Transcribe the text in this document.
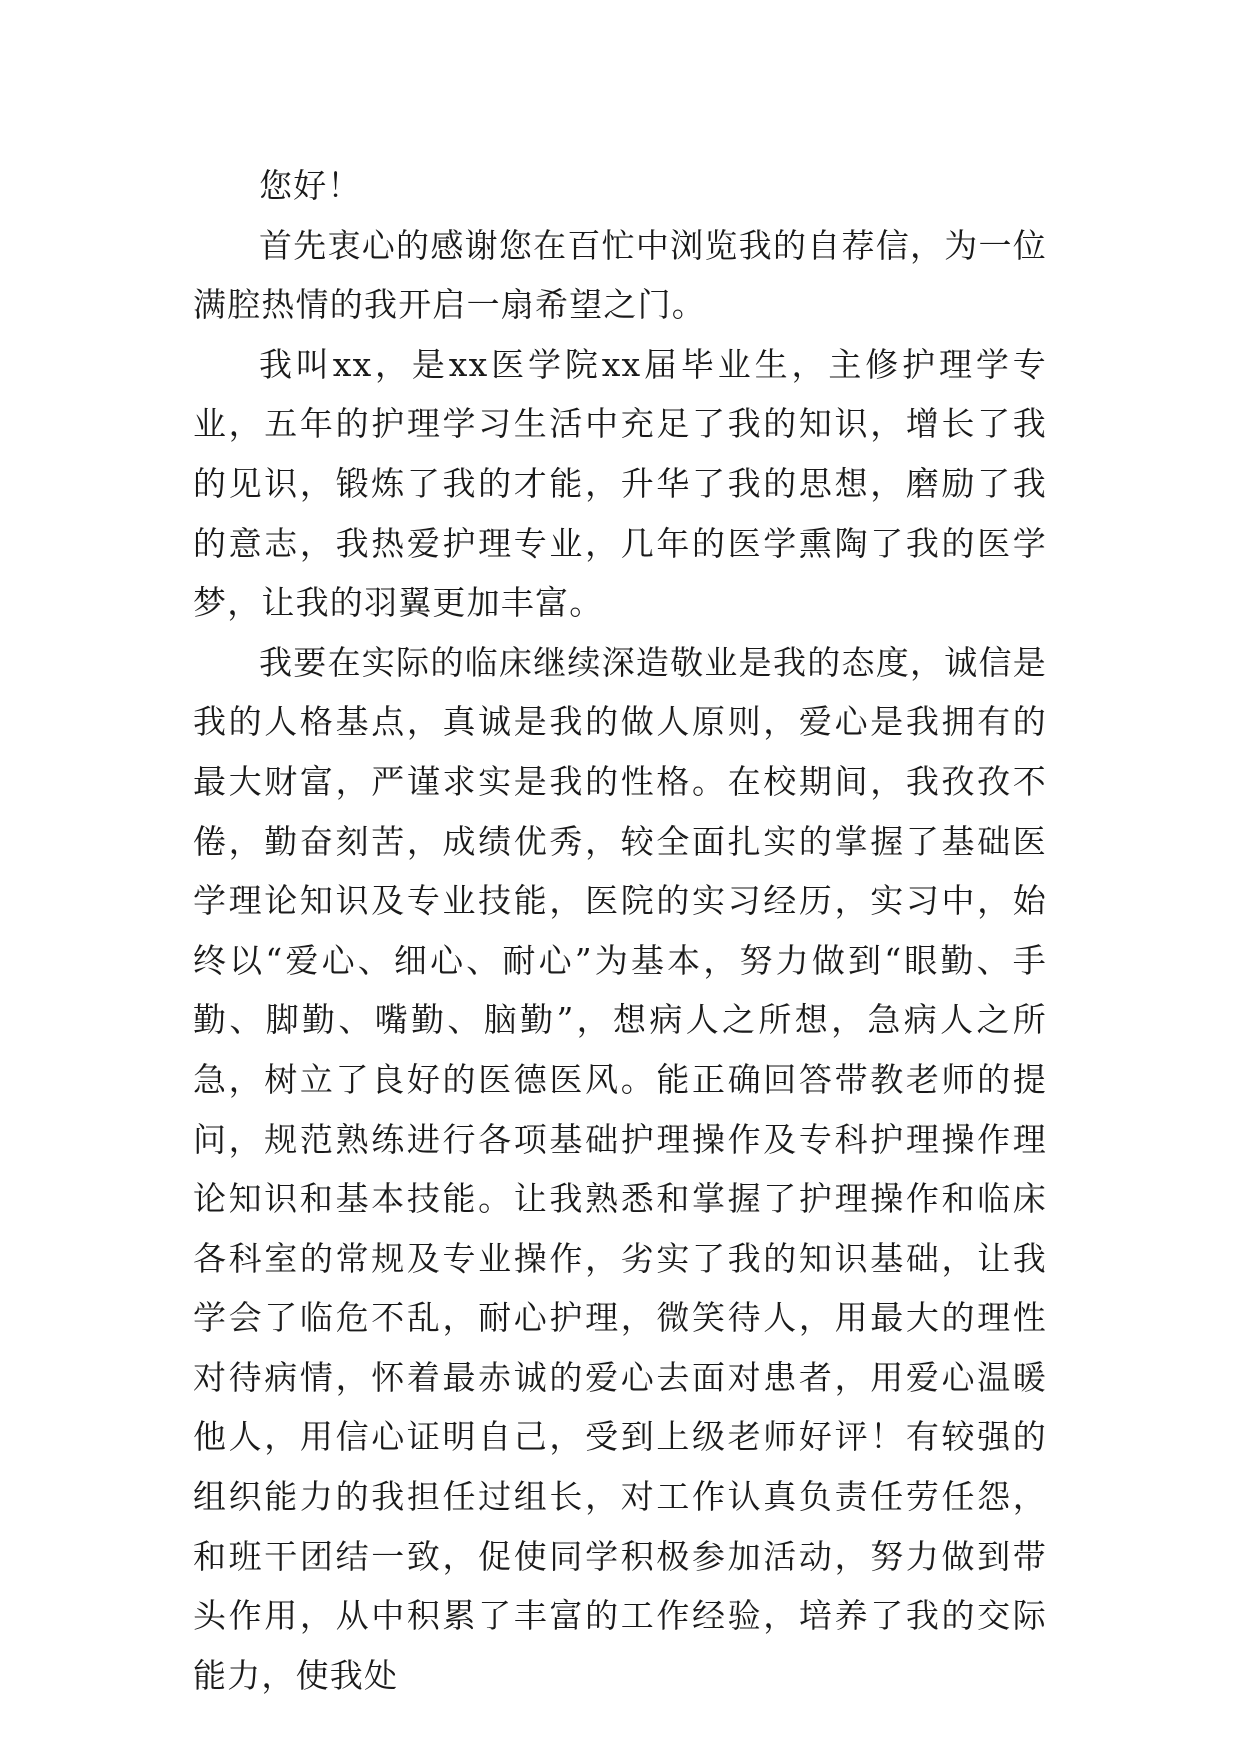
您好！

首先衷心的感谢您在百忙中浏览我的自荐信，为一位满腔热情的我开启一扇希望之门。

我叫xx，是xx医学院xx届毕业生，主修护理学专业，五年的护理学习生活中充足了我的知识，增长了我的见识，锻炼了我的才能，升华了我的思想，磨励了我的意志，我热爱护理专业，几年的医学熏陶了我的医学梦，让我的羽翼更加丰富。

我要在实际的临床继续深造敬业是我的态度，诚信是我的人格基点，真诚是我的做人原则，爱心是我拥有的最大财富，严谨求实是我的性格。在校期间，我孜孜不倦，勤奋刻苦，成绩优秀，较全面扎实的掌握了基础医学理论知识及专业技能，医院的实习经历，实习中，始终以“爱心、细心、耐心”为基本，努力做到“眼勤、手勤、脚勤、嘴勤、脑勤”，想病人之所想，急病人之所急，树立了良好的医德医风。能正确回答带教老师的提问，规范熟练进行各项基础护理操作及专科护理操作理论知识和基本技能。让我熟悉和掌握了护理操作和临床各科室的常规及专业操作，劣实了我的知识基础，让我学会了临危不乱，耐心护理，微笑待人，用最大的理性对待病情，怀着最赤诚的爱心去面对患者，用爱心温暖他人，用信心证明自己，受到上级老师好评！有较强的组织能力的我担任过组长，对工作认真负责任劳任怨，和班干团结一致，促使同学积极参加活动，努力做到带头作用，从中积累了丰富的工作经验，培养了我的交际能力，使我处
